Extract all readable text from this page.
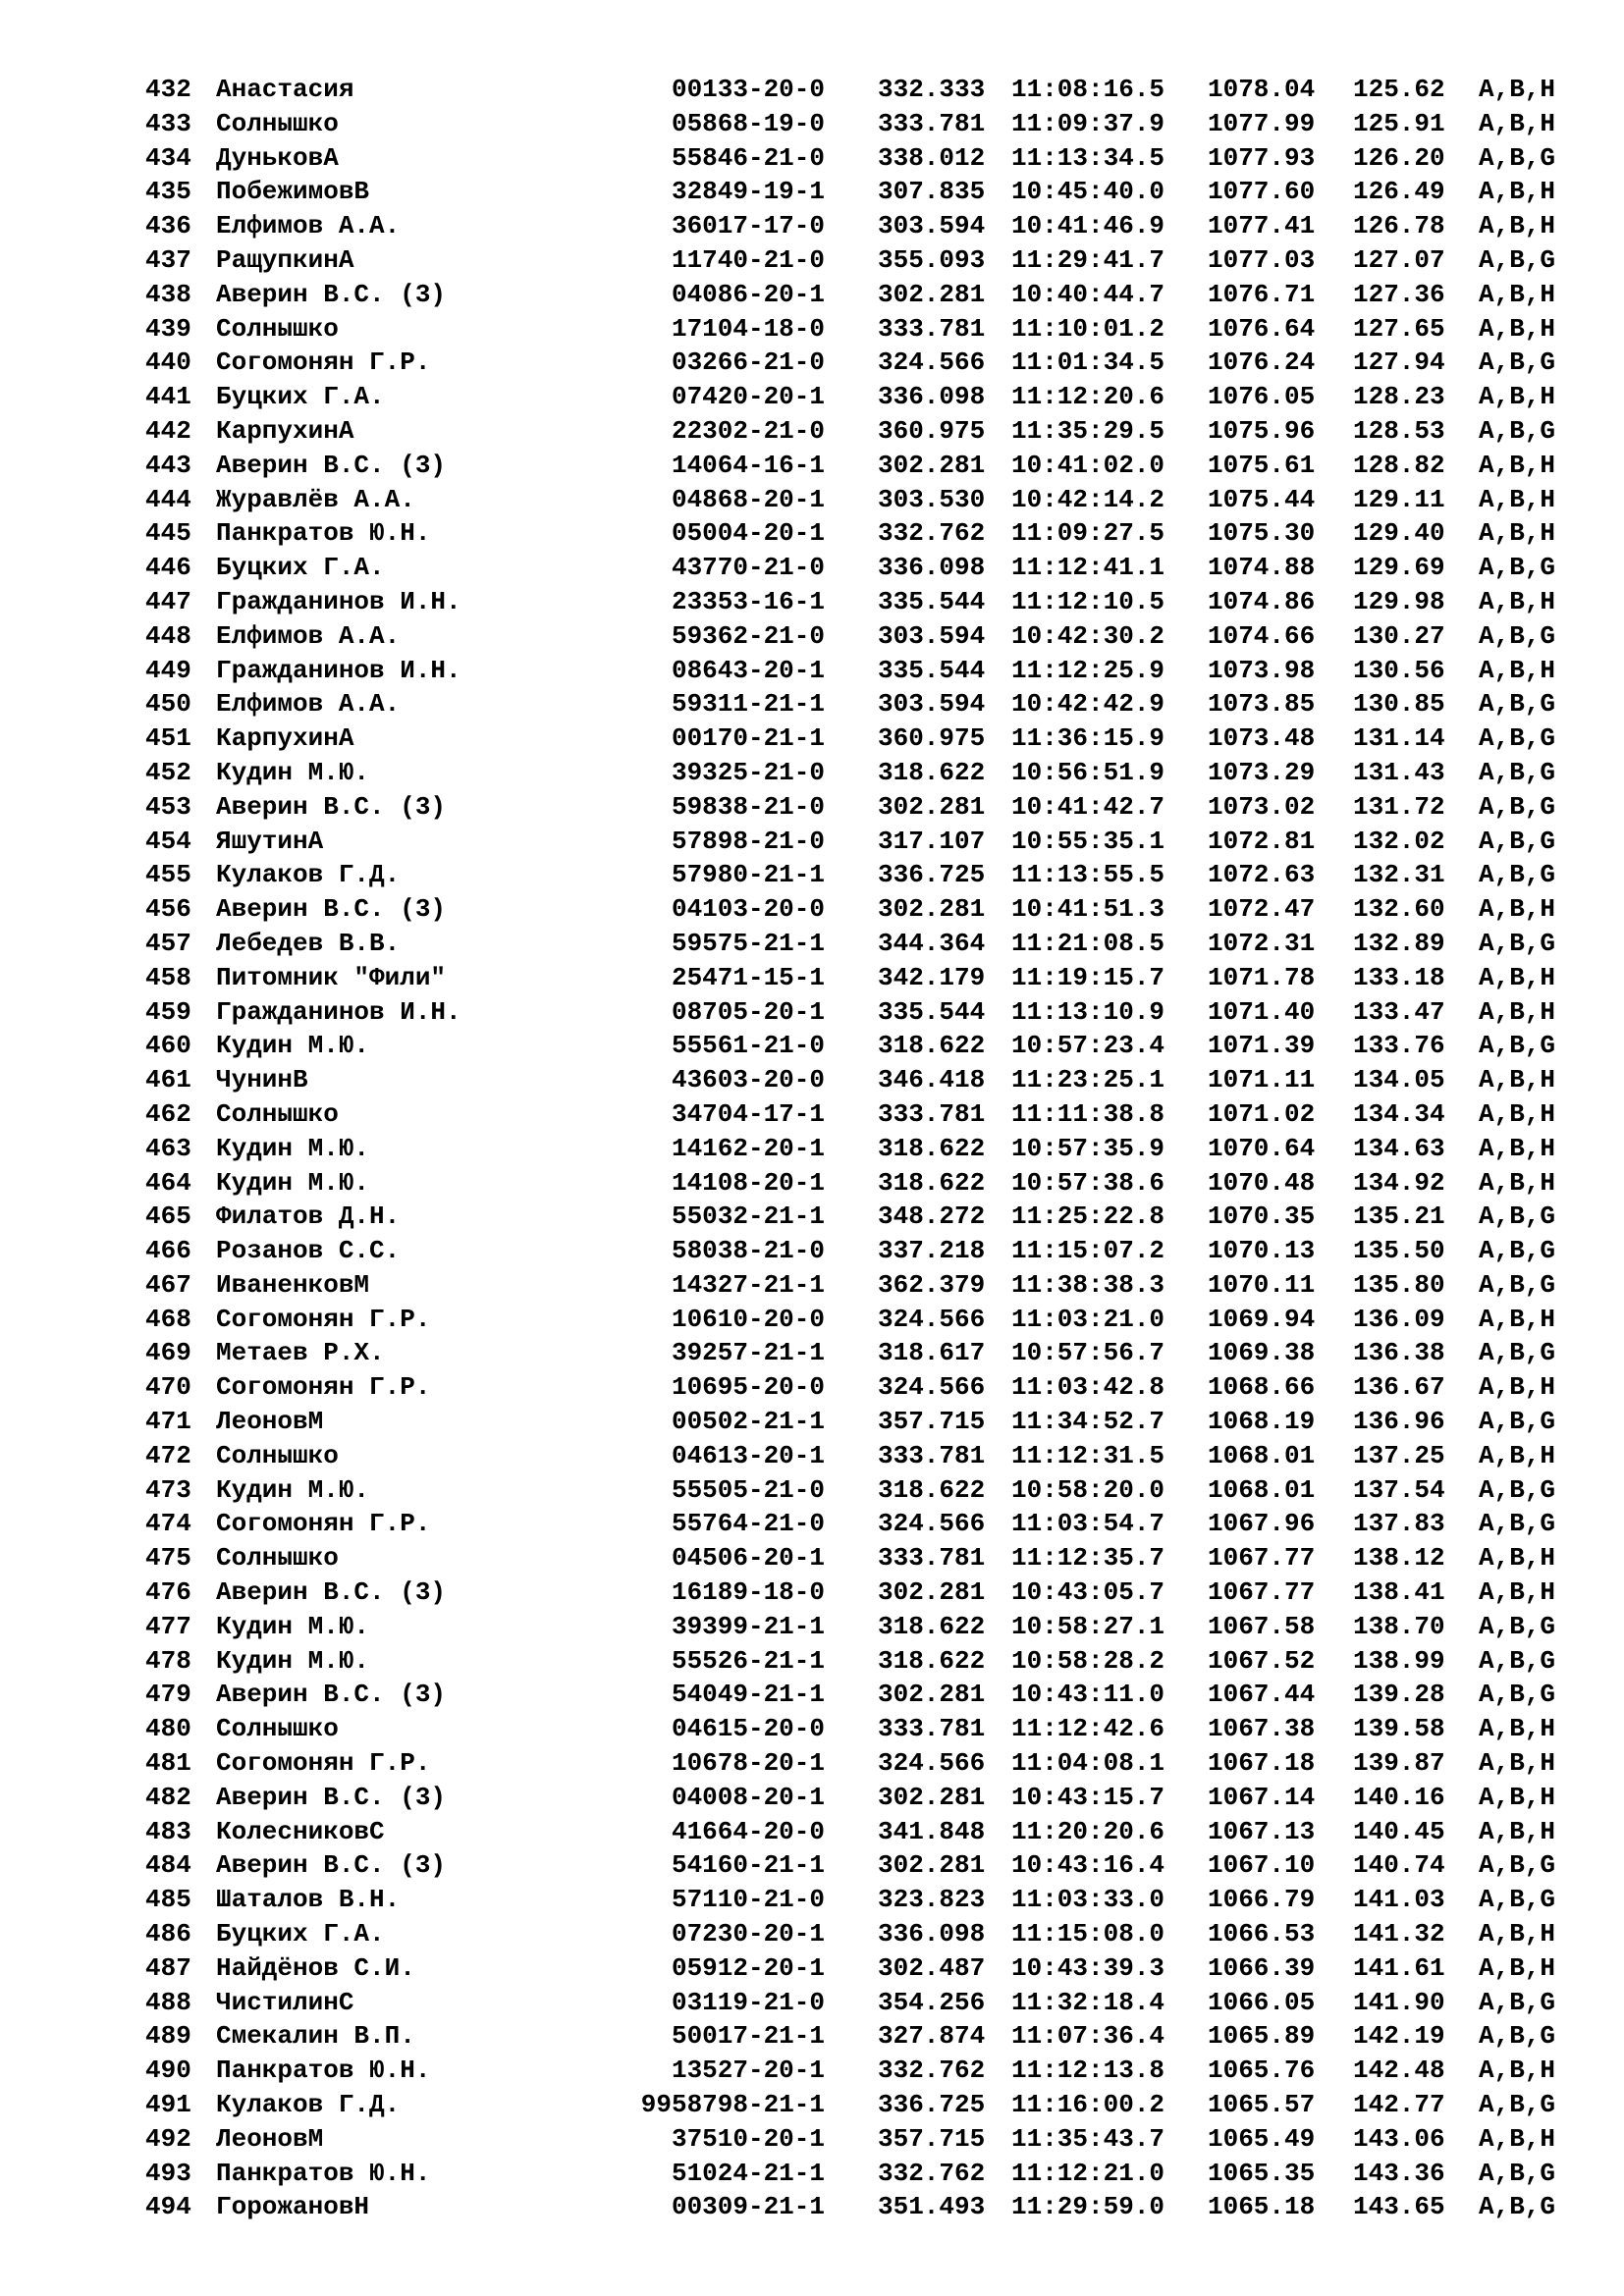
432 Анастасия	00133-20-0 332.333 11:08:16.5 1078.04 125.62 A,B,H
433 Солнышко	05868-19-0 333.781 11:09:37.9 1077.99 125.91 A,B,H
434 ДуньковА	55846-21-0 338.012 11:13:34.5 1077.93 126.20 A,B,G
435 ПобежимовВ	32849-19-1 307.835 10:45:40.0 1077.60 126.49 A,B,H
436 Елфимов А.А.	36017-17-0 303.594 10:41:46.9 1077.41 126.78 A,B,H
437 РащупкинА	11740-21-0 355.093 11:29:41.7 1077.03 127.07 A,B,G
438 Аверин В.С. (3)	04086-20-1 302.281 10:40:44.7 1076.71 127.36 A,B,H
439 Солнышко	17104-18-0 333.781 11:10:01.2 1076.64 127.65 A,B,H
440 Согомонян Г.Р.	03266-21-0 324.566 11:01:34.5 1076.24 127.94 A,B,G
441 Буцких Г.А.	07420-20-1 336.098 11:12:20.6 1076.05 128.23 A,B,H
442 КарпухинА	22302-21-0 360.975 11:35:29.5 1075.96 128.53 A,B,G
443 Аверин В.С. (3)	14064-16-1 302.281 10:41:02.0 1075.61 128.82 A,B,H
444 Журавлёв А.А.	04868-20-1 303.530 10:42:14.2 1075.44 129.11 A,B,H
445 Панкратов Ю.Н.	05004-20-1 332.762 11:09:27.5 1075.30 129.40 A,B,H
446 Буцких Г.А.	43770-21-0 336.098 11:12:41.1 1074.88 129.69 A,B,G
447 Гражданинов И.Н.	23353-16-1 335.544 11:12:10.5 1074.86 129.98 A,B,H
448 Елфимов А.А.	59362-21-0 303.594 10:42:30.2 1074.66 130.27 A,B,G
449 Гражданинов И.Н.	08643-20-1 335.544 11:12:25.9 1073.98 130.56 A,B,H
450 Елфимов А.А.	59311-21-1 303.594 10:42:42.9 1073.85 130.85 A,B,G
451 КарпухинА	00170-21-1 360.975 11:36:15.9 1073.48 131.14 A,B,G
452 Кудин М.Ю.	39325-21-0 318.622 10:56:51.9 1073.29 131.43 A,B,G
453 Аверин В.С. (3)	59838-21-0 302.281 10:41:42.7 1073.02 131.72 A,B,G
454 ЯшутинА	57898-21-0 317.107 10:55:35.1 1072.81 132.02 A,B,G
455 Кулаков Г.Д.	57980-21-1 336.725 11:13:55.5 1072.63 132.31 A,B,G
456 Аверин В.С. (3)	04103-20-0 302.281 10:41:51.3 1072.47 132.60 A,B,H
457 Лебедев В.В.	59575-21-1 344.364 11:21:08.5 1072.31 132.89 A,B,G
458 Питомник "Фили"	25471-15-1 342.179 11:19:15.7 1071.78 133.18 A,B,H
459 Гражданинов И.Н.	08705-20-1 335.544 11:13:10.9 1071.40 133.47 A,B,H
460 Кудин М.Ю.	55561-21-0 318.622 10:57:23.4 1071.39 133.76 A,B,G
461 ЧунинВ	43603-20-0 346.418 11:23:25.1 1071.11 134.05 A,B,H
462 Солнышко	34704-17-1 333.781 11:11:38.8 1071.02 134.34 A,B,H
463 Кудин М.Ю.	14162-20-1 318.622 10:57:35.9 1070.64 134.63 A,B,H
464 Кудин М.Ю.	14108-20-1 318.622 10:57:38.6 1070.48 134.92 A,B,H
465 Филатов Д.Н.	55032-21-1 348.272 11:25:22.8 1070.35 135.21 A,B,G
466 Розанов С.С.	58038-21-0 337.218 11:15:07.2 1070.13 135.50 A,B,G
467 ИваненковМ	14327-21-1 362.379 11:38:38.3 1070.11 135.80 A,B,G
468 Согомонян Г.Р.	10610-20-0 324.566 11:03:21.0 1069.94 136.09 A,B,H
469 Метаев Р.Х.	39257-21-1 318.617 10:57:56.7 1069.38 136.38 A,B,G
470 Согомонян Г.Р.	10695-20-0 324.566 11:03:42.8 1068.66 136.67 A,B,H
471 ЛеоновМ	00502-21-1 357.715 11:34:52.7 1068.19 136.96 A,B,G
472 Солнышко	04613-20-1 333.781 11:12:31.5 1068.01 137.25 A,B,H
473 Кудин М.Ю.	55505-21-0 318.622 10:58:20.0 1068.01 137.54 A,B,G
474 Согомонян Г.Р.	55764-21-0 324.566 11:03:54.7 1067.96 137.83 A,B,G
475 Солнышко	04506-20-1 333.781 11:12:35.7 1067.77 138.12 A,B,H
476 Аверин В.С. (3)	16189-18-0 302.281 10:43:05.7 1067.77 138.41 A,B,H
477 Кудин М.Ю.	39399-21-1 318.622 10:58:27.1 1067.58 138.70 A,B,G
478 Кудин М.Ю.	55526-21-1 318.622 10:58:28.2 1067.52 138.99 A,B,G
479 Аверин В.С. (3)	54049-21-1 302.281 10:43:11.0 1067.44 139.28 A,B,G
480 Солнышко	04615-20-0 333.781 11:12:42.6 1067.38 139.58 A,B,H
481 Согомонян Г.Р.	10678-20-1 324.566 11:04:08.1 1067.18 139.87 A,B,H
482 Аверин В.С. (3)	04008-20-1 302.281 10:43:15.7 1067.14 140.16 A,B,H
483 КолесниковС	41664-20-0 341.848 11:20:20.6 1067.13 140.45 A,B,H
484 Аверин В.С. (3)	54160-21-1 302.281 10:43:16.4 1067.10 140.74 A,B,G
485 Шаталов В.Н.	57110-21-0 323.823 11:03:33.0 1066.79 141.03 A,B,G
486 Буцких Г.А.	07230-20-1 336.098 11:15:08.0 1066.53 141.32 A,B,H
487 Найдёнов С.И.	05912-20-1 302.487 10:43:39.3 1066.39 141.61 A,B,H
488 ЧистилинС	03119-21-0 354.256 11:32:18.4 1066.05 141.90 A,B,G
489 Смекалин В.П.	50017-21-1 327.874 11:07:36.4 1065.89 142.19 A,B,G
490 Панкратов Ю.Н.	13527-20-1 332.762 11:12:13.8 1065.76 142.48 A,B,H
491 Кулаков Г.Д.	9958798-21-1 336.725 11:16:00.2 1065.57 142.77 A,B,G
492 ЛеоновМ	37510-20-1 357.715 11:35:43.7 1065.49 143.06 A,B,H
493 Панкратов Ю.Н.	51024-21-1 332.762 11:12:21.0 1065.35 143.36 A,B,G
494 ГорожановН	00309-21-1 351.493 11:29:59.0 1065.18 143.65 A,B,G
